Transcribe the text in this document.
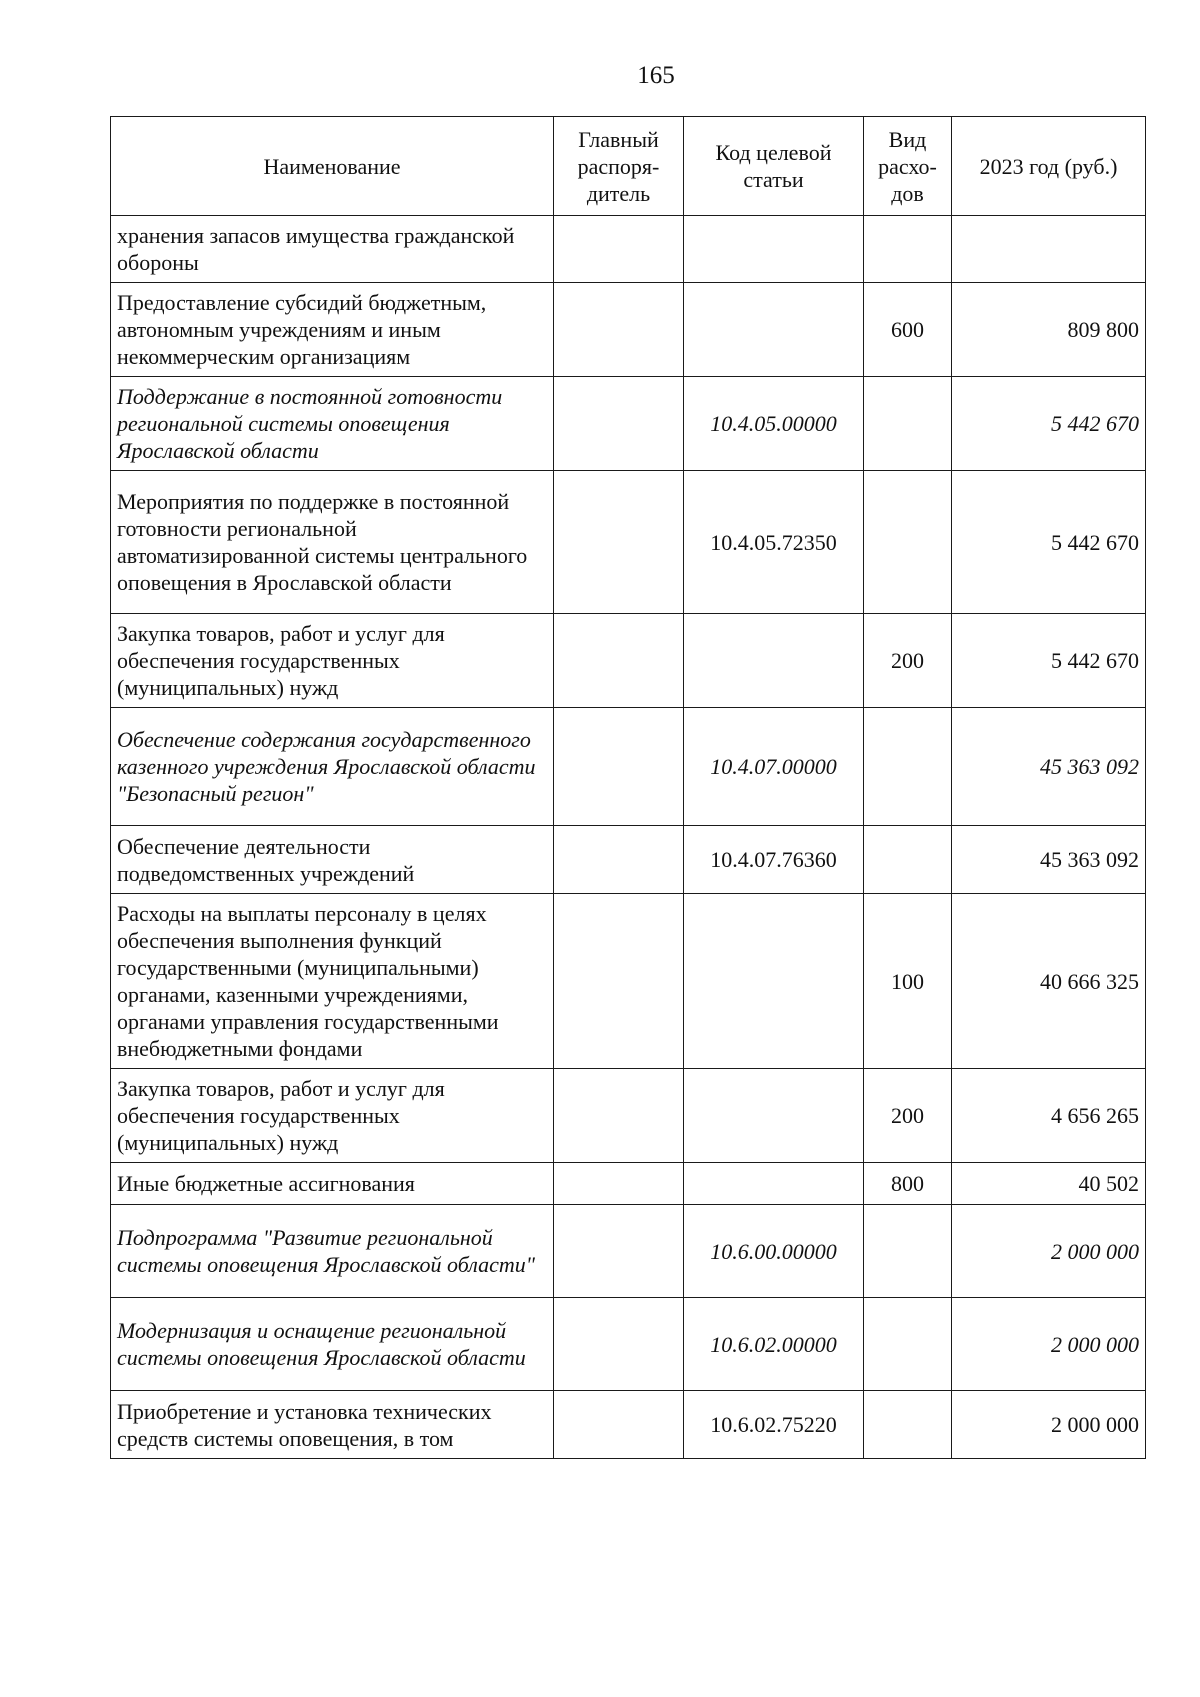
165
Наименование	Главный распоря-дитель	Код целевой статьи	Вид расхо-дов	2023 год (руб.)
хранения запасов имущества гражданской обороны				
Предоставление субсидий бюджетным, автономным учреждениям и иным некоммерческим организациям			600	809 800
Поддержание в постоянной готовности региональной системы оповещения Ярославской области		10.4.05.00000		5 442 670
Мероприятия по поддержке в постоянной готовности региональной автоматизированной системы центрального оповещения в Ярославской области		10.4.05.72350		5 442 670
Закупка товаров, работ и услуг для обеспечения государственных (муниципальных) нужд			200	5 442 670
Обеспечение содержания государственного казенного учреждения Ярославской области "Безопасный регион"		10.4.07.00000		45 363 092
Обеспечение деятельности подведомственных учреждений		10.4.07.76360		45 363 092
Расходы на выплаты персоналу в целях обеспечения выполнения функций государственными (муниципальными) органами, казенными учреждениями, органами управления государственными внебюджетными фондами			100	40 666 325
Закупка товаров, работ и услуг для обеспечения государственных (муниципальных) нужд			200	4 656 265
Иные бюджетные ассигнования			800	40 502
Подпрограмма "Развитие региональной системы оповещения Ярославской области"		10.6.00.00000		2 000 000
Модернизация и оснащение региональной системы оповещения Ярославской области		10.6.02.00000		2 000 000
Приобретение и установка технических средств системы оповещения, в том		10.6.02.75220		2 000 000
